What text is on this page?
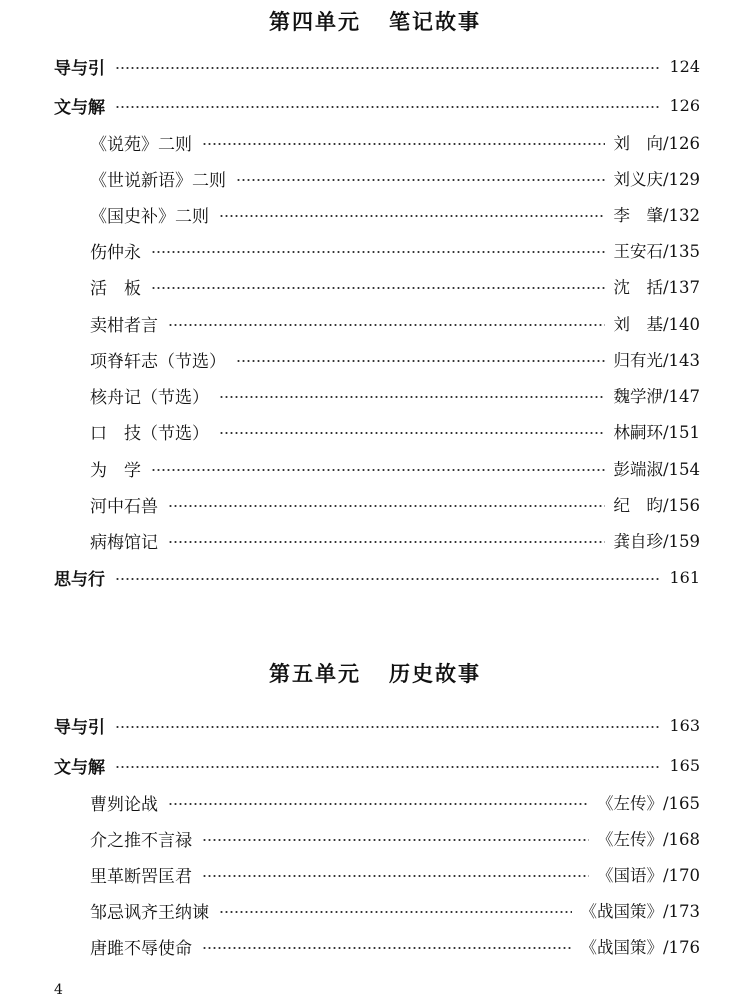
第四单元 笔记故事
导与引	124
文与解	126
《说苑》二则	刘　向/126
《世说新语》二则	刘义庆/129
《国史补》二则	李　肇/132
伤仲永	王安石/135
活　板	沈　括/137
卖柑者言	刘　基/140
项脊轩志（节选）	归有光/143
核舟记（节选）	魏学洢/147
口　技（节选）	林嗣环/151
为　学	彭端淑/154
河中石兽	纪　昀/156
病梅馆记	龚自珍/159
思与行	161
第五单元 历史故事
导与引	163
文与解	165
曹刿论战	《左传》/165
介之推不言禄	《左传》/168
里革断罟匡君	《国语》/170
邹忌讽齐王纳谏	《战国策》/173
唐雎不辱使命	《战国策》/176
4
